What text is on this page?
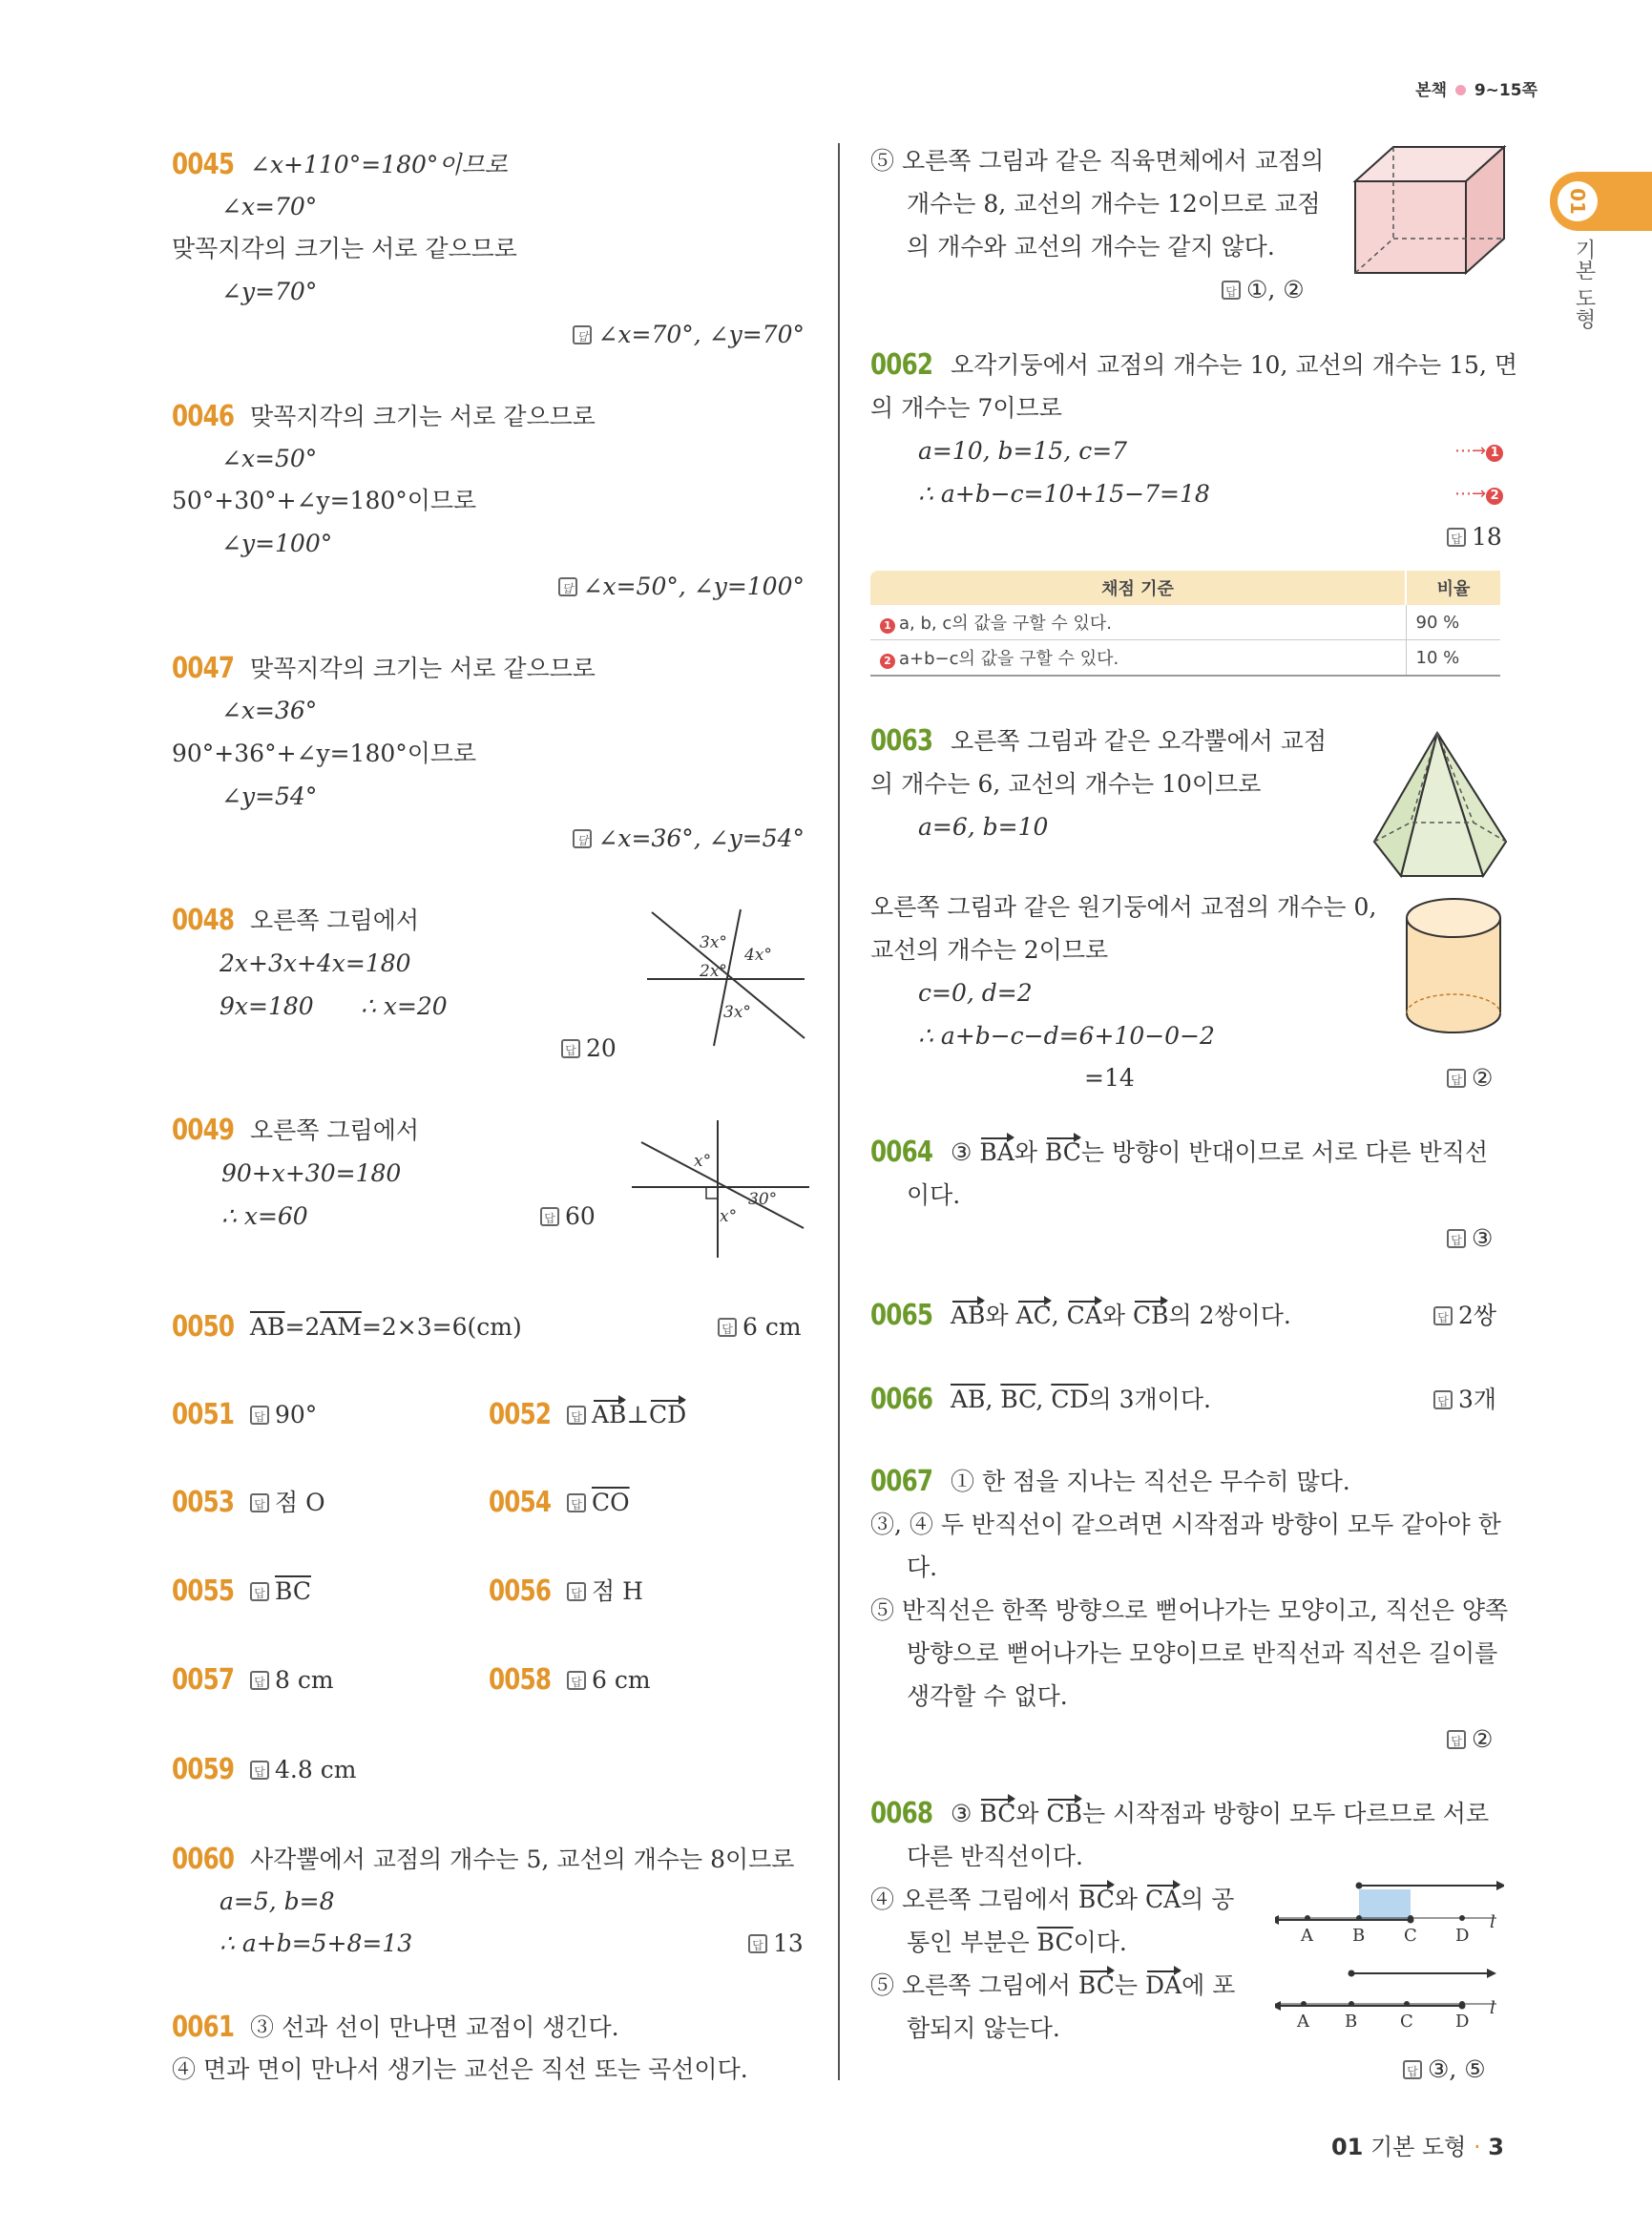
본책 9~15쪽
01
기본 도형
0045 ∠x+110°=180°이므로
∠x=70°
맞꼭지각의 크기는 서로 같으므로
∠y=70°
답 ∠x=70°, ∠y=70°
0046 맞꼭지각의 크기는 서로 같으므로
∠x=50°
50°+30°+∠y=180°이므로
∠y=100°
답 ∠x=50°, ∠y=100°
0047 맞꼭지각의 크기는 서로 같으므로
∠x=36°
90°+36°+∠y=180°이므로
∠y=54°
답 ∠x=36°, ∠y=54°
0048 오른쪽 그림에서
2x+3x+4x=180
9x=180 ∴ x=20
답 20
2x°
3x°
4x°
3x°
0049 오른쪽 그림에서
90+x+30=180
∴ x=60	답 60
x°
30°
x°
0050 $\overline{AB}=2\overline{AM}=2\times 3=6(cm)$	답 6 cm
0051	답 90°	0052	답 AB⊥CD
0053	답 점 O	0054	답 $\overline{CO}$
0055	답 $\overline{BC}$	0056	답 점 H
0057	답 8 cm	0058	답 6 cm
0059	답 4.8 cm
0060 사각뿔에서 교점의 개수는 5, 교선의 개수는 8이므로
a=5, b=8
∴ a+b=5+8=13	답 13
0061 ③ 선과 선이 만나면 교점이 생긴다.
④ 면과 면이 만나서 생기는 교선은 직선 또는 곡선이다.
⑤ 오른쪽 그림과 같은 직육면체에서 교점의
개수는 8, 교선의 개수는 12이므로 교점
의 개수와 교선의 개수는 같지 않다.
답 ①, ②
0062 오각기둥에서 교점의 개수는 10, 교선의 개수는 15, 면
의 개수는 7이므로
a=10, b=15, c=7
∴ a+b−c=10+15−7=18
⋯→ 1
⋯→ 2
답 18
채점 기준	비율
1 a, b, c의 값을 구할 수 있다.	90 %
2 a+b−c의 값을 구할 수 있다.	10 %
0063 오른쪽 그림과 같은 오각뿔에서 교점
의 개수는 6, 교선의 개수는 10이므로
a=6, b=10
오른쪽 그림과 같은 원기둥에서 교점의 개수는 0,
교선의 개수는 2이므로
c=0, d=2
∴ a+b−c−d=6+10−0−2
=14	답 ②
0064 ③ BA와 BC는 방향이 반대이므로 서로 다른 반직선
이다.
답 ③
0065 AB와 AC, CA와 CB의 2쌍이다.	답 2쌍
0066 $\overline{AB}$, $\overline{BC}$, $\overline{CD}$의 3개이다.	답 3개
0067 ① 한 점을 지나는 직선은 무수히 많다.
③, ④ 두 반직선이 같으려면 시작점과 방향이 모두 같아야 한
다.
⑤ 반직선은 한쪽 방향으로 뻗어나가는 모양이고, 직선은 양쪽
방향으로 뻗어나가는 모양이므로 반직선과 직선은 길이를
생각할 수 없다.
답 ②
0068 ③ BC와 CB는 시작점과 방향이 모두 다르므로 서로
다른 반직선이다.
④ 오른쪽 그림에서 BC와 CA의 공
통인 부분은 $\overline{BC}$이다.
⑤ 오른쪽 그림에서 BC는 DA에 포
함되지 않는다.
답 ③, ⑤
A B C D
l
A B C D
l
01 기본 도형 · 3
